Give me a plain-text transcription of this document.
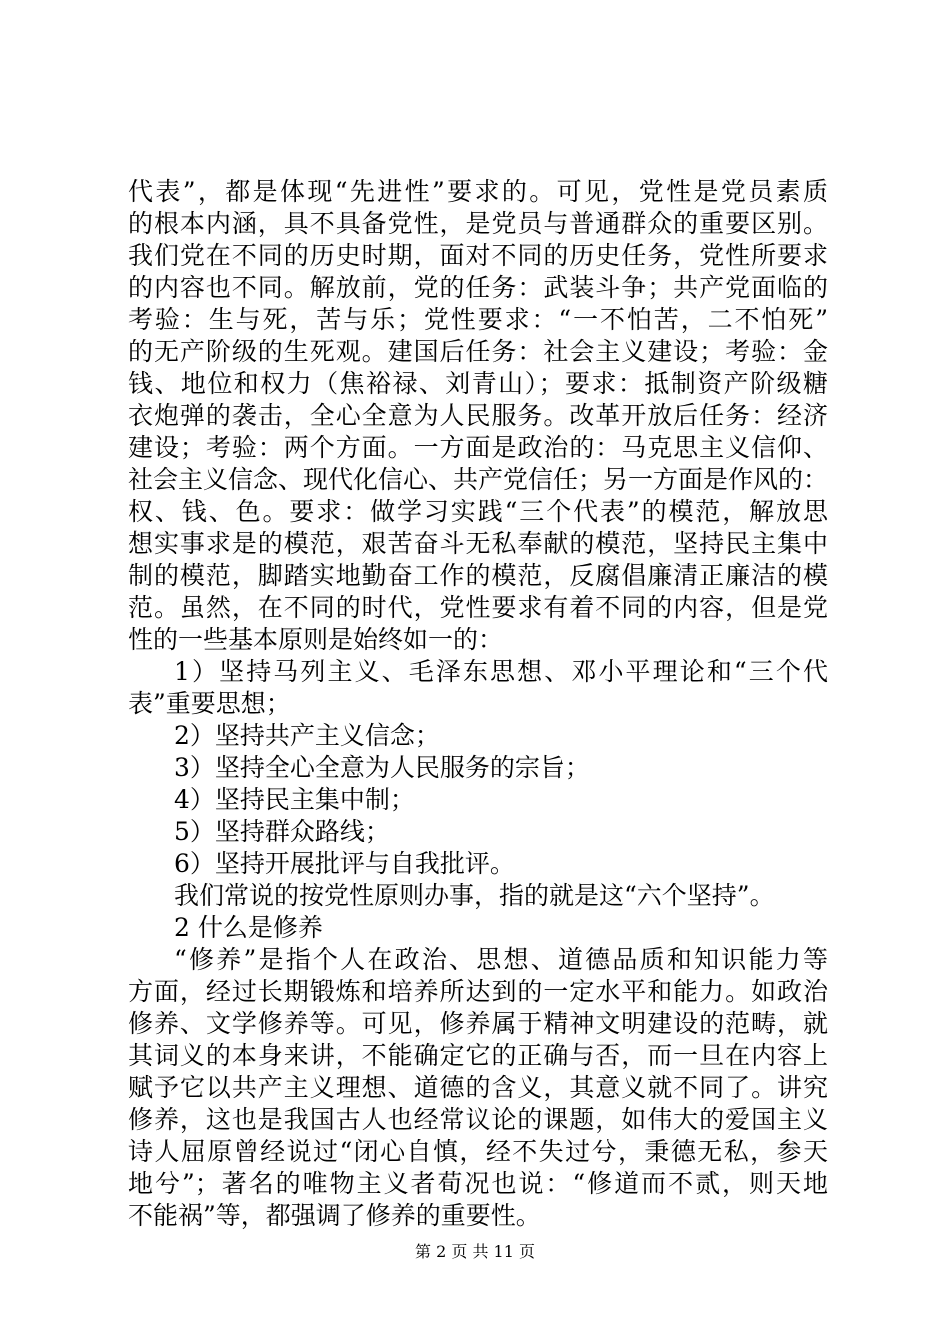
代表”，都是体现“先进性”要求的。可见，党性是党员素质
的根本内涵，具不具备党性，是党员与普通群众的重要区别。
我们党在不同的历史时期，面对不同的历史任务，党性所要求
的内容也不同。解放前，党的任务：武装斗争；共产党面临的
考验：生与死，苦与乐；党性要求：“一不怕苦，二不怕死”
的无产阶级的生死观。建国后任务：社会主义建设；考验：金
钱、地位和权力（焦裕禄、刘青山）；要求：抵制资产阶级糖
衣炮弹的袭击，全心全意为人民服务。改革开放后任务：经济
建设；考验：两个方面。一方面是政治的：马克思主义信仰、
社会主义信念、现代化信心、共产党信任；另一方面是作风的：
权、钱、色。要求：做学习实践“三个代表”的模范，解放思
想实事求是的模范，艰苦奋斗无私奉献的模范，坚持民主集中
制的模范，脚踏实地勤奋工作的模范，反腐倡廉清正廉洁的模
范。虽然，在不同的时代，党性要求有着不同的内容，但是党
性的一些基本原则是始终如一的：
1）坚持马列主义、毛泽东思想、邓小平理论和“三个代
表”重要思想；
2）坚持共产主义信念；
3）坚持全心全意为人民服务的宗旨；
4）坚持民主集中制；
5）坚持群众路线；
6）坚持开展批评与自我批评。
我们常说的按党性原则办事，指的就是这“六个坚持”。
2 什么是修养
“修养”是指个人在政治、思想、道德品质和知识能力等
方面，经过长期锻炼和培养所达到的一定水平和能力。如政治
修养、文学修养等。可见，修养属于精神文明建设的范畴，就
其词义的本身来讲，不能确定它的正确与否，而一旦在内容上
赋予它以共产主义理想、道德的含义，其意义就不同了。讲究
修养，这也是我国古人也经常议论的课题，如伟大的爱国主义
诗人屈原曾经说过“闭心自慎，经不失过兮，秉德无私，参天
地兮”；著名的唯物主义者荀况也说：“修道而不贰，则天地
不能祸”等，都强调了修养的重要性。
第 2 页 共 11 页
